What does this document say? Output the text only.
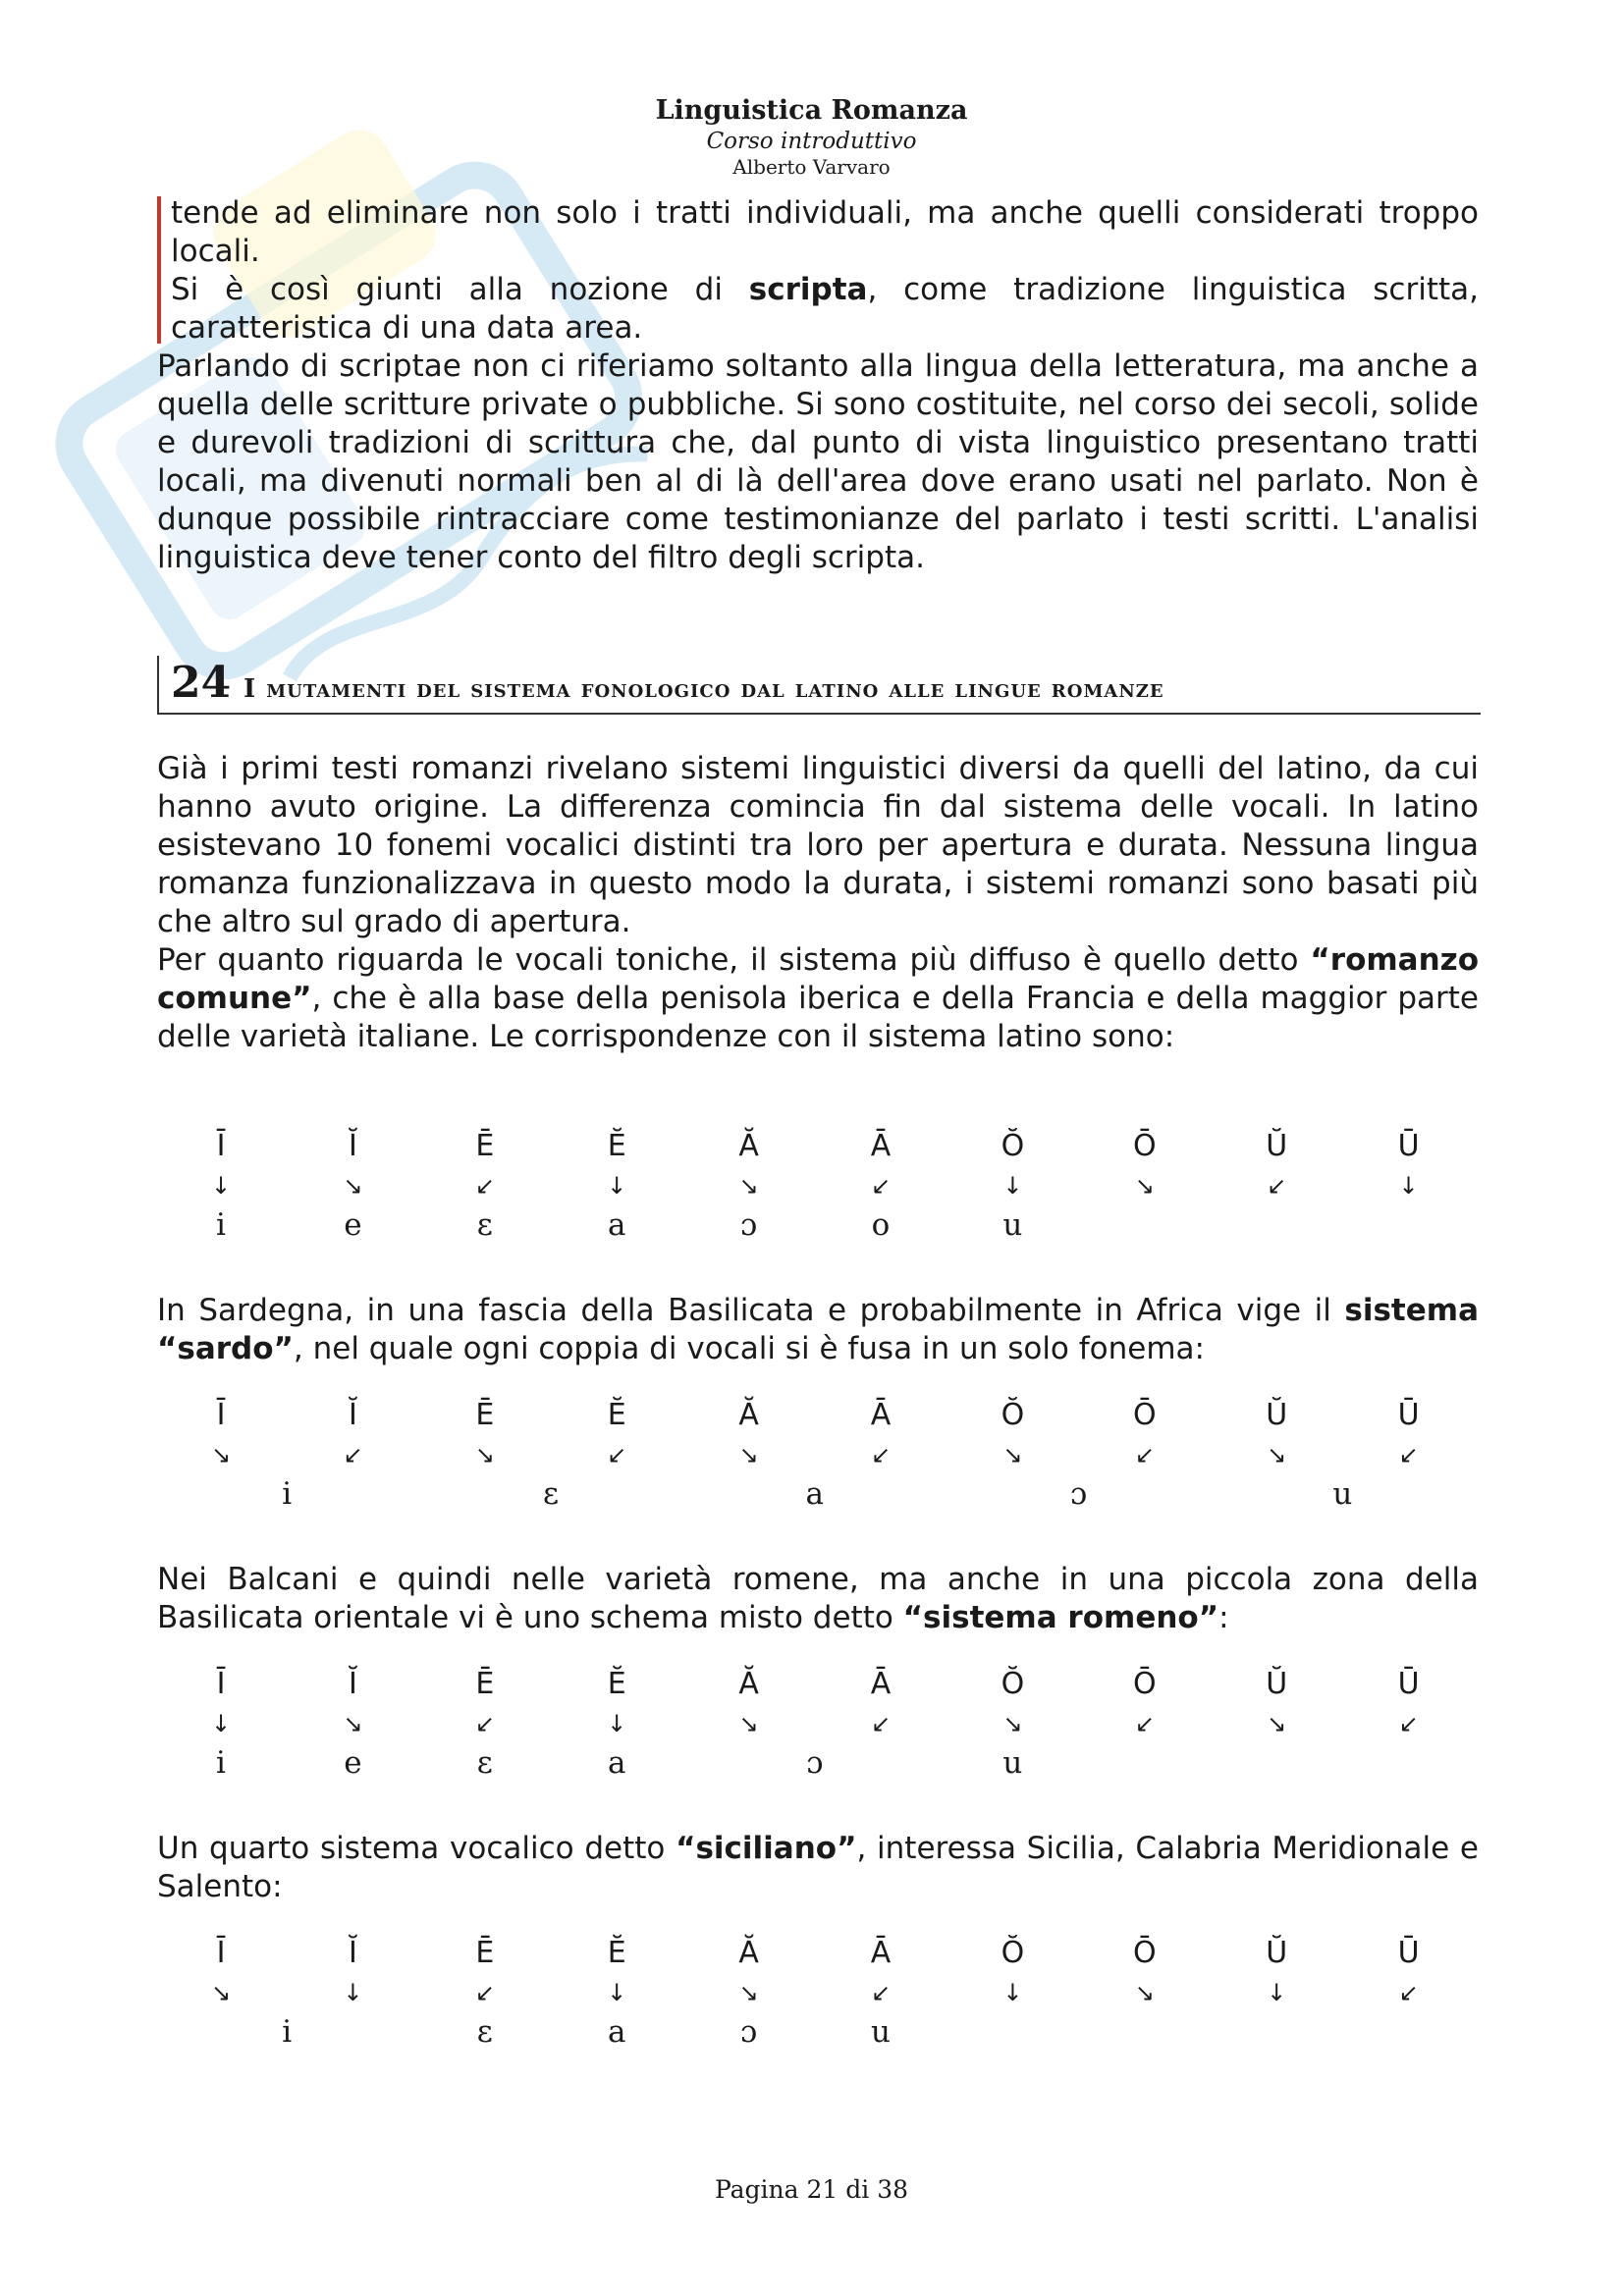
Linguistica Romanza
Corso introduttivo
Alberto Varvaro

tende ad eliminare non solo i tratti individuali, ma anche quelli considerati troppo locali.

Si è così giunti alla nozione di scripta, come tradizione linguistica scritta, caratteristica di una data area.

Parlando di scriptae non ci riferiamo soltanto alla lingua della letteratura, ma anche a quella delle scritture private o pubbliche. Si sono costituite, nel corso dei secoli, solide e durevoli tradizioni di scrittura che, dal punto di vista linguistico presentano tratti locali, ma divenuti normali ben al di là dell'area dove erano usati nel parlato. Non è dunque possibile rintracciare come testimonianze del parlato i testi scritti. L'analisi linguistica deve tener conto del filtro degli scripta.

24 I mutamenti del sistema fonologico dal latino alle lingue romanze

Già i primi testi romanzi rivelano sistemi linguistici diversi da quelli del latino, da cui hanno avuto origine. La differenza comincia fin dal sistema delle vocali. In latino esistevano 10 fonemi vocalici distinti tra loro per apertura e durata. Nessuna lingua romanza funzionalizzava in questo modo la durata, i sistemi romanzi sono basati più che altro sul grado di apertura.

Per quanto riguarda le vocali toniche, il sistema più diffuso è quello detto “romanzo comune”, che è alla base della penisola iberica e della Francia e della maggior parte delle varietà italiane. Le corrispondenze con il sistema latino sono:

Ī	Ĭ	Ē	Ĕ	Ă	Ā	Ŏ	Ō	Ŭ	Ū
↓	↘	↙	↓	↘	↙	↓	↘	↙	↓
i	e	ɛ	a	ɔ	o	u

In Sardegna, in una fascia della Basilicata e probabilmente in Africa vige il sistema “sardo”, nel quale ogni coppia di vocali si è fusa in un solo fonema:

Ī	Ĭ	Ē	Ĕ	Ă	Ā	Ŏ	Ō	Ŭ	Ū
↘	↙	↘	↙	↘	↙	↘	↙	↘	↙
i	ɛ	a	ɔ	u

Nei Balcani e quindi nelle varietà romene, ma anche in una piccola zona della Basilicata orientale vi è uno schema misto detto “sistema romeno”:

Ī	Ĭ	Ē	Ĕ	Ă	Ā	Ŏ	Ō	Ŭ	Ū
↓	↘	↙	↓	↘	↙	↘	↙	↘	↙
i	e	ɛ	a	ɔ	u

Un quarto sistema vocalico detto “siciliano”, interessa Sicilia, Calabria Meridionale e Salento:

Ī	Ĭ	Ē	Ĕ	Ă	Ā	Ŏ	Ō	Ŭ	Ū
↘	↓	↙	↓	↘	↙	↓	↘	↓	↙
i	ɛ	a	ɔ	u
Pagina 21 di 38
